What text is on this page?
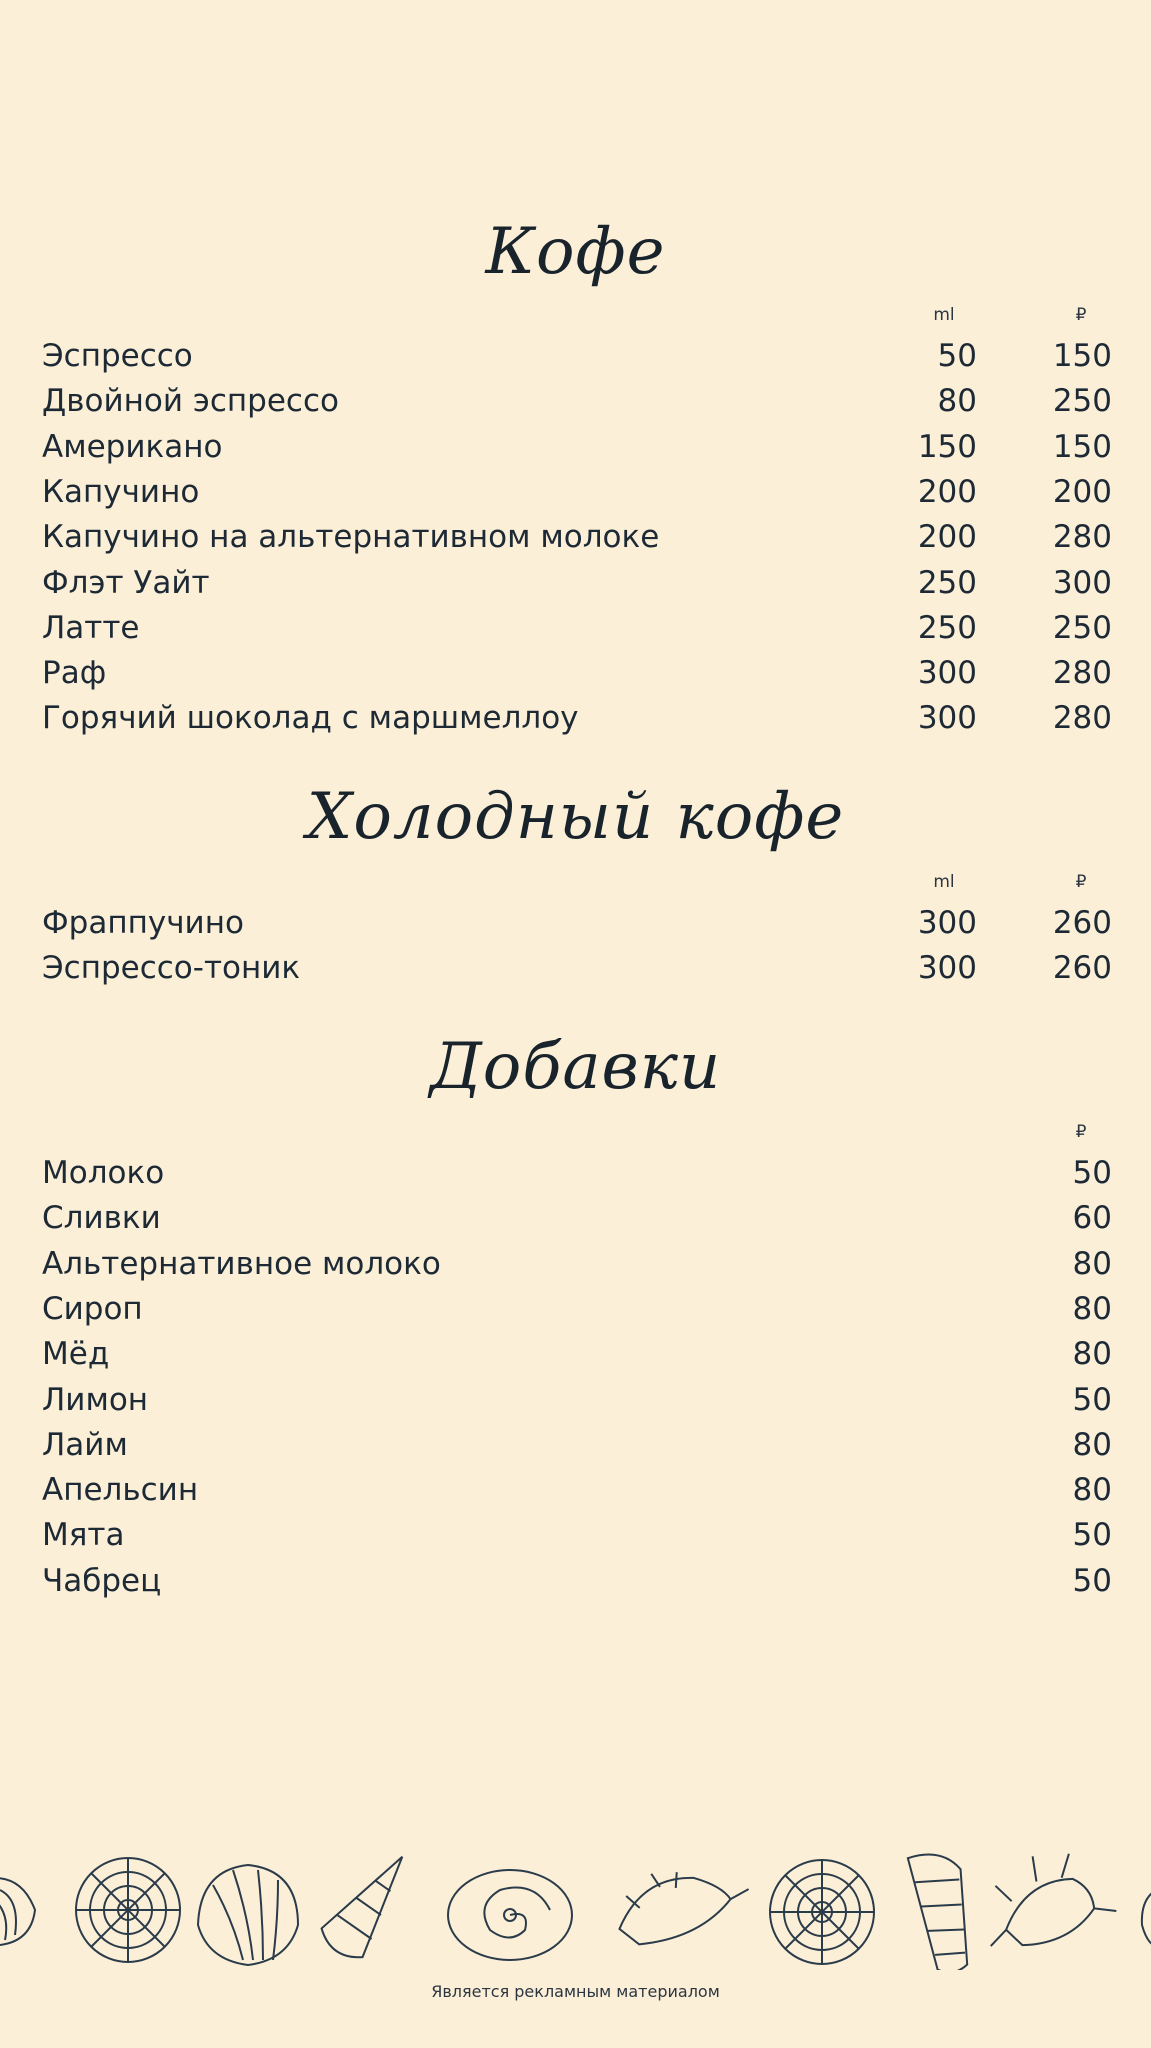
Кофе
ml	₽
Эспрессо	50 150
Двойной эспрессо	80 250
Американо	150 150
Капучино	200 200
Капучино на альтернативном молоке	200 280
Флэт Уайт	250 300
Латте	250 250
Раф	300 280
Горячий шоколад с маршмеллоу	300 280
Холодный кофе
ml	₽
Фраппучино	300 260
Эспрессо-тоник	300 260
Добавки
₽
Молоко	50
Сливки	60
Альтернативное молоко	80
Сироп	80
Мёд	80
Лимон	50
Лайм	80
Апельсин	80
Мята	50
Чабрец	50
Является рекламным материалом
